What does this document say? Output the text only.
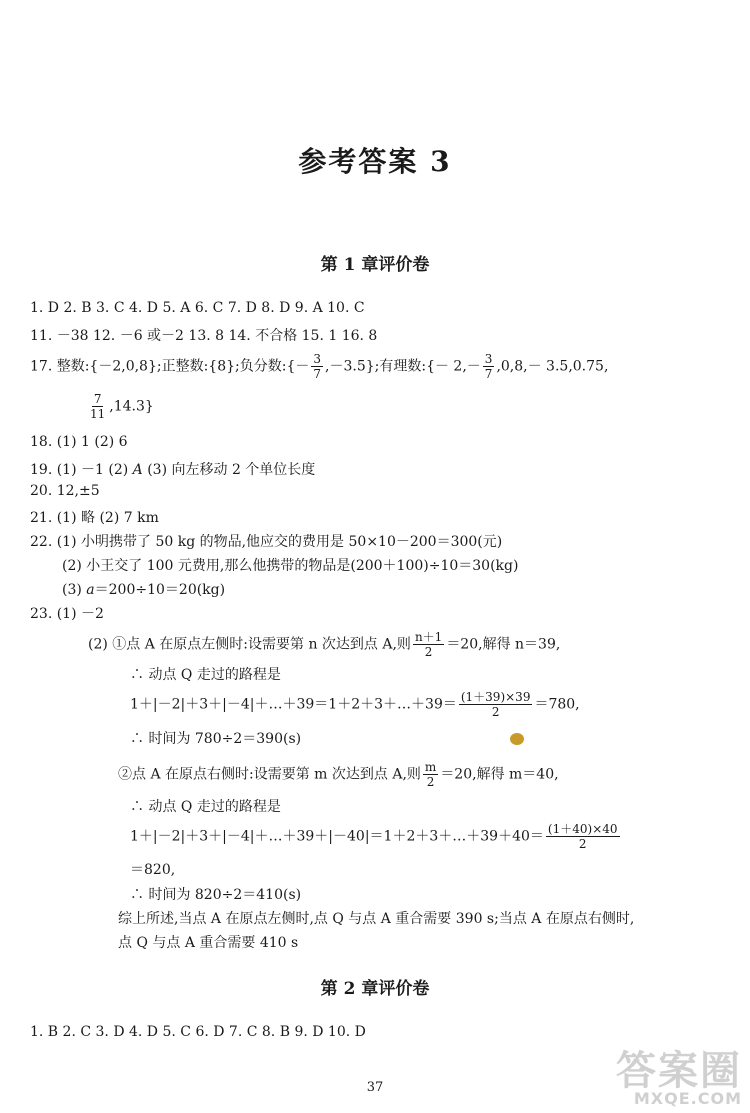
参考答案 3
第 1 章评价卷
1. D 2. B 3. C 4. D 5. A 6. C 7. D 8. D 9. A 10. C
11. －38 12. －6 或－2 13. 8 14. 不合格 15. 1 16. 8
17. 整数:{－2,0,8};正整数:{8};负分数:{－ $\frac{3}{7} ,-3.5$};有理数:{－ $2,- \frac{3}{7} ,0,8,- 3.5,0.75$,
$\frac{7}{11} ,14.3$}
18. (1) 1 (2) 6
19. (1) －1 (2) A (3) 向左移动 2 个单位长度
20. 12,±5
21. (1) 略 (2) 7 km
22. (1) 小明携带了 50 kg 的物品,他应交的费用是 50×10－200＝300(元)
(2) 小王交了 100 元费用,那么他携带的物品是(200＋100)÷10＝30(kg)
(3) a＝200÷10＝20(kg)
23. (1) －2
(2) ①点 A 在原点左侧时:设需要第 n 次达到点 A,则 $\frac{n+1}{2} =20$,解得 n＝39,
∴ 动点 Q 走过的路程是
1＋|－2|＋3＋|－4|＋…＋39＝1＋2＋3＋…＋39＝ $\frac{(1+39)\times 39}{2} =780$,
∴ 时间为 780÷2＝390(s)
②点 A 在原点右侧时:设需要第 m 次达到点 A,则 $\frac{m}{2} =20$,解得 m＝40,
∴ 动点 Q 走过的路程是
1＋|－2|＋3＋|－4|＋…＋39＋|－40|＝1＋2＋3＋…＋39＋40＝ $\frac{(1+40)\times 40}{2}$
＝820,
∴ 时间为 820÷2＝410(s)
综上所述,当点 A 在原点左侧时,点 Q 与点 A 重合需要 390 s;当点 A 在原点右侧时,
点 Q 与点 A 重合需要 410 s
第 2 章评价卷
1. B 2. C 3. D 4. D 5. C 6. D 7. C 8. B 9. D 10. D
37	答案圈
MXQE.COM
